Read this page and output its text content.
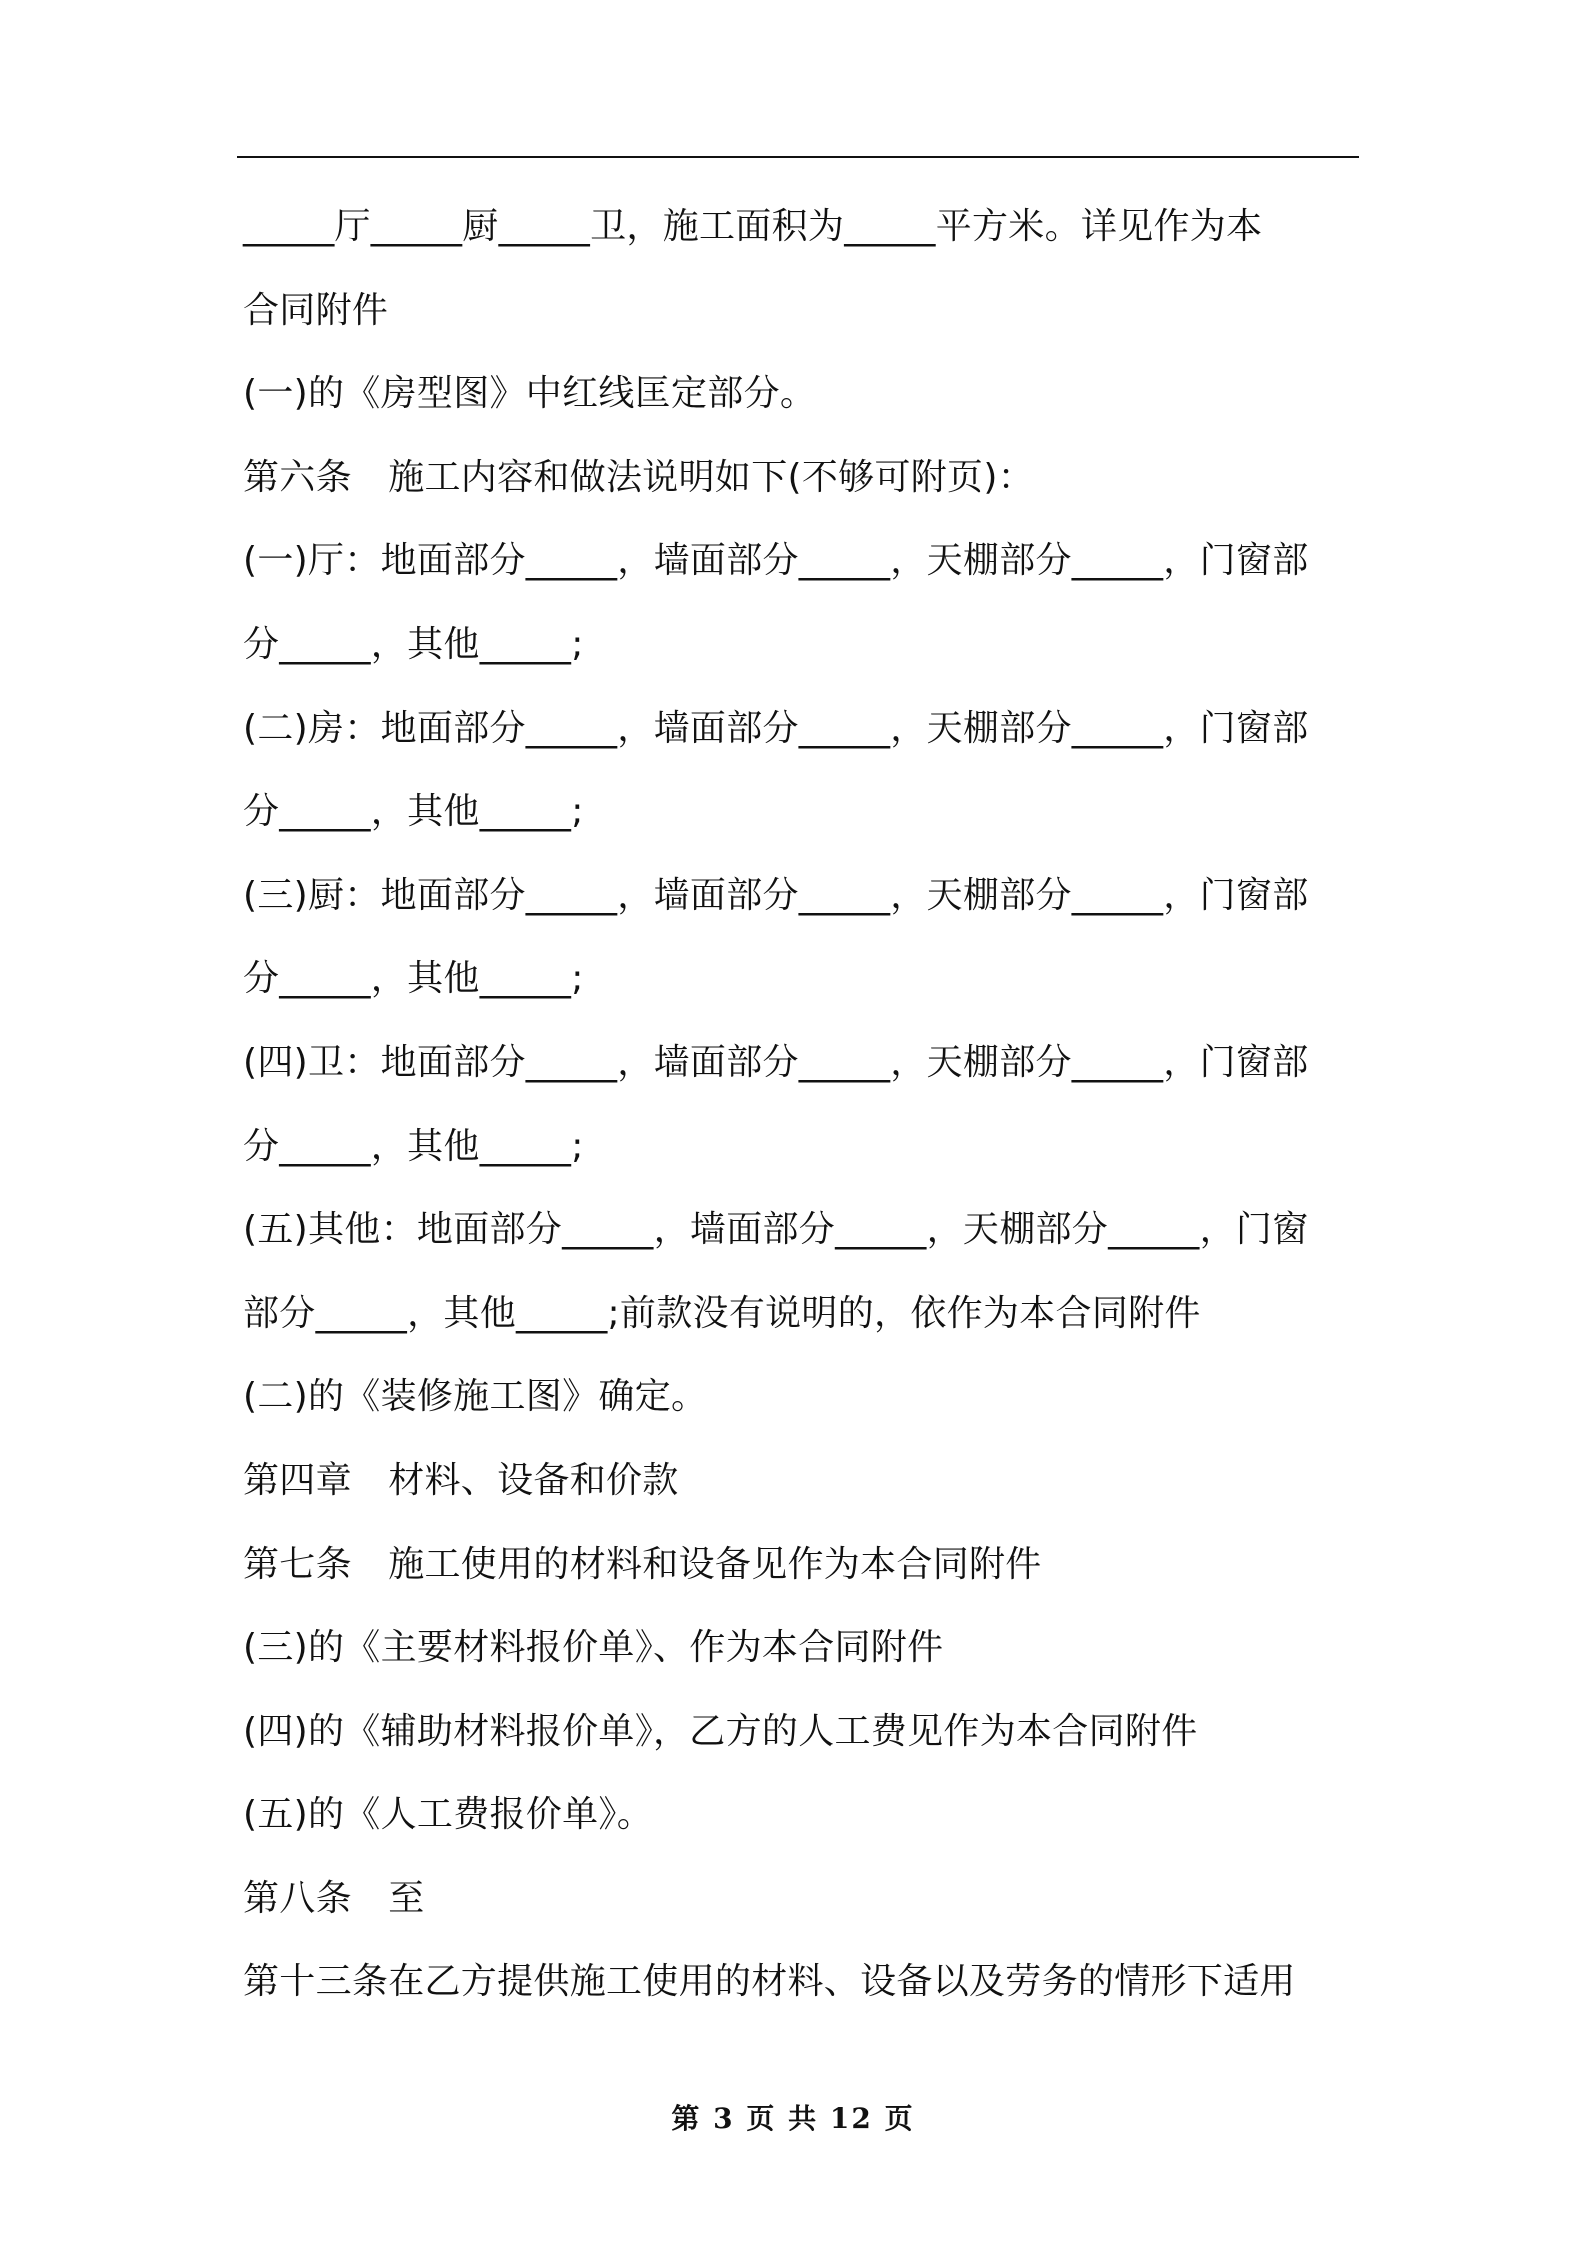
_____厅_____厨_____卫，施工面积为_____平方米。详见作为本
合同附件
(一)的《房型图》中红线匡定部分。
第六条　施工内容和做法说明如下(不够可附页)：
(一)厅：地面部分_____，墙面部分_____，天棚部分_____，门窗部
分_____，其他_____;
(二)房：地面部分_____，墙面部分_____，天棚部分_____，门窗部
分_____，其他_____;
(三)厨：地面部分_____，墙面部分_____，天棚部分_____，门窗部
分_____，其他_____;
(四)卫：地面部分_____，墙面部分_____，天棚部分_____，门窗部
分_____，其他_____;
(五)其他：地面部分_____，墙面部分_____，天棚部分_____，门窗
部分_____，其他_____;前款没有说明的，依作为本合同附件
(二)的《装修施工图》确定。
第四章　材料、设备和价款
第七条　施工使用的材料和设备见作为本合同附件
(三)的《主要材料报价单》、作为本合同附件
(四)的《辅助材料报价单》，乙方的人工费见作为本合同附件
(五)的《人工费报价单》。
第八条　至
第十三条在乙方提供施工使用的材料、设备以及劳务的情形下适用
第 3 页 共 12 页
